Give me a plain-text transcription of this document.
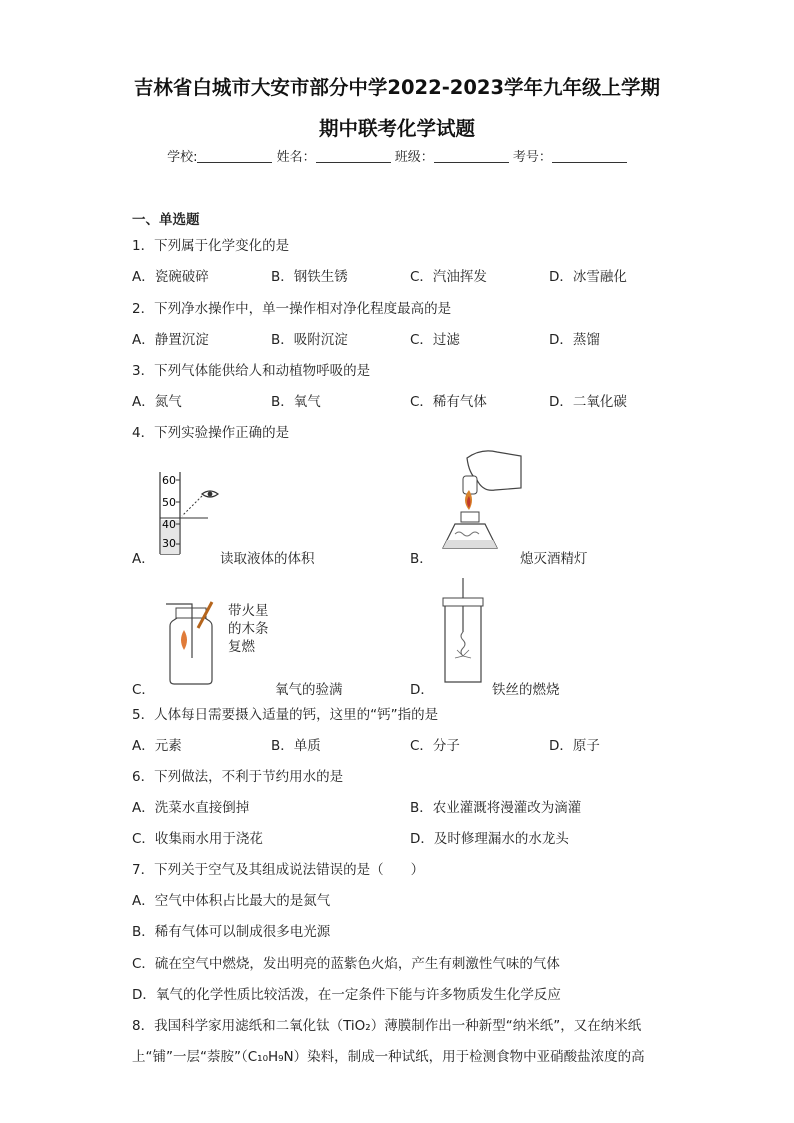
吉林省白城市大安市部分中学2022-2023学年九年级上学期
期中联考化学试题
学校:	姓名：	班级：	考号：
一、单选题
1．下列属于化学变化的是
A．瓷碗破碎	B．钢铁生锈	C．汽油挥发	D．冰雪融化
2．下列净水操作中，单一操作相对净化程度最高的是
A．静置沉淀	B．吸附沉淀	C．过滤	D．蒸馏
3．下列气体能供给人和动植物呼吸的是
A．氮气	B．氧气	C．稀有气体	D．二氧化碳
4．下列实验操作正确的是
A．
60
50
40
30
读取液体的体积	B．	熄灭酒精灯
C．
带火星
的木条
复燃
氧气的验满	D．	铁丝的燃烧
5．人体每日需要摄入适量的钙，这里的“钙”指的是
A．元素	B．单质	C．分子	D．原子
6．下列做法，不利于节约用水的是
A．洗菜水直接倒掉	B．农业灌溉将漫灌改为滴灌
C．收集雨水用于浇花	D．及时修理漏水的水龙头
7．下列关于空气及其组成说法错误的是（　　）
A．空气中体积占比最大的是氮气
B．稀有气体可以制成很多电光源
C．硫在空气中燃烧，发出明亮的蓝紫色火焰，产生有刺激性气味的气体
D．氧气的化学性质比较活泼，在一定条件下能与许多物质发生化学反应
8．我国科学家用滤纸和二氧化钛（TiO₂）薄膜制作出一种新型“纳米纸”，又在纳米纸
上“铺”一层“萘胺”（C₁₀H₉N）染料，制成一种试纸，用于检测食物中亚硝酸盐浓度的高
